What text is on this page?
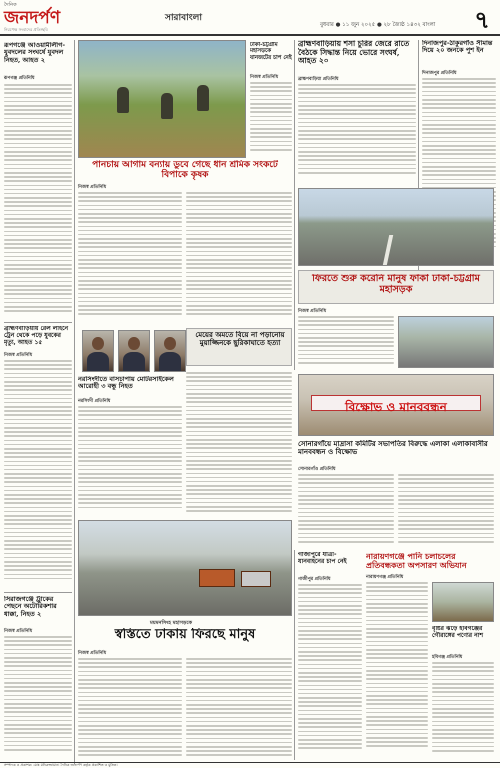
দৈনিক
জনদর্পণ
নিরপেক্ষ সংবাদের প্রতিচ্ছবি
সারাবাংলা
বুধবার ● ১১ জুন ২০২৫ ● ২৮ জ্যৈষ্ঠ ১৪৩২ বাংলা ৭
রূপগঞ্জে আওয়ামীলীগ-যুবদলের সংঘর্ষে যুবদল নিহত, আহত ২
রূপগঞ্জ প্রতিনিধি
ব্রাহ্মণবাড়িয়ায় রেল লাইনে ট্রেন থেকে পড়ে যুবকের মৃত্যু, আহত ১৫
নিজস্ব প্রতিনিধি
সিরাজগঞ্জে ট্রাকের পেছনে অটোরিকশার ধাক্কা, নিহত ২
নিজস্ব প্রতিনিধি
পানচায় আগাম বন্যায় ডুবে গেছে ধান শ্রমিক সংকটে বিপাকে কৃষক
নিজস্ব প্রতিনিধি
ঢাকা-চট্টগ্রাম মহাসড়কে যানজটের চাপ নেই
নিজস্ব প্রতিনিধি
ব্রাহ্মণবাড়িয়ায় শসা চুরির জেরে রাতে বৈঠকে সিদ্ধান্ত নিয়ে ভোরে সংঘর্ষ, আহত ২০
ব্রাহ্মণবাড়িয়া প্রতিনিধি
দিনাজপুর-ঠাকুরগাঁও সীমান্ত দিয়ে ২০ জনকে পুশ ইন
দিনাজপুর প্রতিনিধি
ফিরতে শুরু করেনি মানুষ ফাঁকা ঢাকা-চট্টগ্রাম মহাসড়ক
নিজস্ব প্রতিনিধি
মেয়ের অমতে বিয়ে না পড়ানোয় মুয়াজ্জিনকে ছুরিকাঘাতে হত্যা
নরসিংদীতে বাসচাপায় মোটরসাইকেল আরোহী ৩ বন্ধু নিহত
নরসিংদী প্রতিনিধি	বিক্ষোভ ও মানববন্ধন
সোনারগাঁয়ে মাদ্রাসা কমিটির সভাপতির বিরুদ্ধে এলাকা এলাকাবাসীর মানববন্ধন ও বিক্ষোভ
সোনারগাঁও প্রতিনিধি
ময়মনসিংহ মহাসড়কে
স্বস্তিতে ঢাকায় ফিরছে মানুষ
নিজস্ব প্রতিনিধি
গাজীপুরে যাত্রী-যানবাহনের চাপ নেই
গাজীপুর প্রতিনিধি
নারায়ণগঞ্জে পানি চলাচলের প্রতিবন্ধকতা অপসারণ অভিযান
নারায়ণগঞ্জ প্রতিনিধি
বৃষ্টির ঝড়ে হবিগঞ্জের গৌরাঙ্গের পণ্যের নাশ
হবিগঞ্জ প্রতিনিধি
সম্পাদক ও প্রকাশক: মোঃ মনিরুজ্জামান। দৈনিক জনদর্পণ কর্তৃক প্রকাশিত ও মুদ্রিত।
